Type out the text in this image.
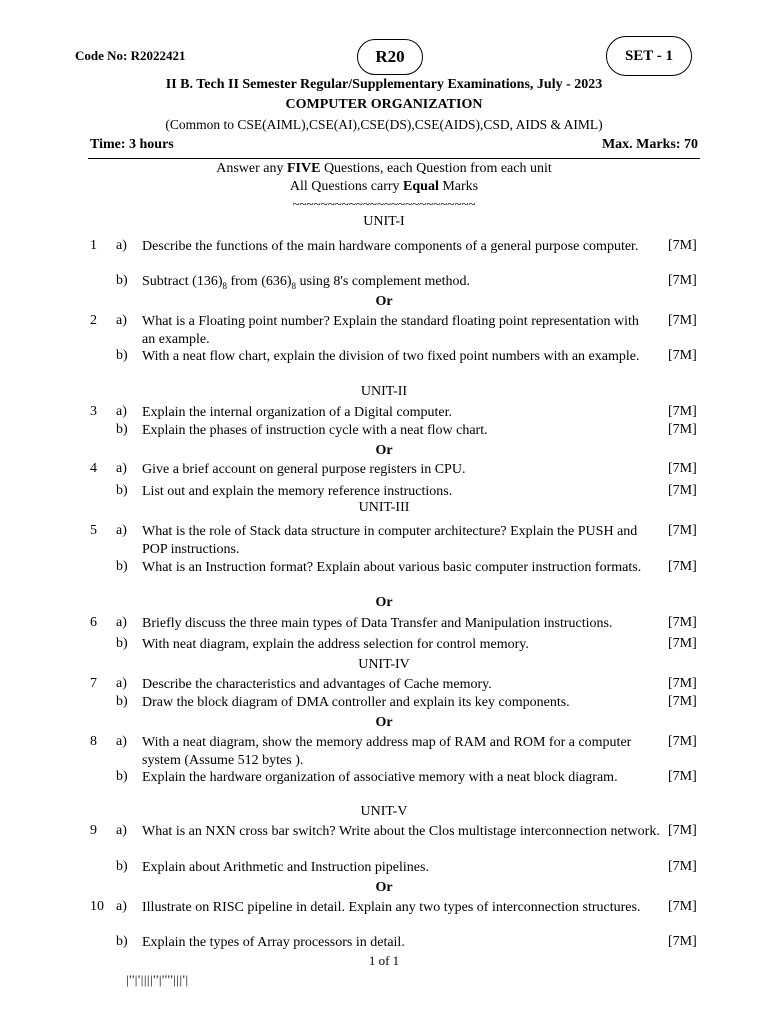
Code No: R2022421	R20	SET - 1
II B. Tech II Semester Regular/Supplementary Examinations, July - 2023
COMPUTER ORGANIZATION
(Common to CSE(AIML),CSE(AI),CSE(DS),CSE(AIDS),CSD, AIDS & AIML)
Time: 3 hours	Max. Marks: 70
Answer any FIVE Questions, each Question from each unit
All Questions carry Equal Marks
~~~~~~~~~~~~~~~~~~~~~~~~~~
UNIT-I
1 a) Describe the functions of the main hardware components of a general purpose computer.	[7M]
b) Subtract $(136)_8$ from $(636)_8$ using 8's complement method.	[7M]
Or
2 a) What is a Floating point number? Explain the standard floating point representation with an example.
[7M]
b) With a neat flow chart, explain the division of two fixed point numbers with an example.	[7M]
UNIT-II
3 a) Explain the internal organization of a Digital computer.	[7M]
b) Explain the phases of instruction cycle with a neat flow chart.	[7M]
Or
4 a) Give a brief account on general purpose registers in CPU.	[7M]
b) List out and explain the memory reference instructions.	[7M]
UNIT-III
5 a) What is the role of Stack data structure in computer architecture? Explain the PUSH and POP instructions.
[7M]
b) What is an Instruction format? Explain about various basic computer instruction formats.	[7M]
Or
6 a) Briefly discuss the three main types of Data Transfer and Manipulation instructions.	[7M]
b) With neat diagram, explain the address selection for control memory.	[7M]
UNIT-IV
7 a) Describe the characteristics and advantages of Cache memory.	[7M]
b) Draw the block diagram of DMA controller and explain its key components.	[7M]
Or
8 a) With a neat diagram, show the memory address map of RAM and ROM for a computer system (Assume 512 bytes ).
[7M]
b) Explain the hardware organization of associative memory with a neat block diagram.	[7M]
UNIT-V
9 a) What is an NXN cross bar switch? Write about the Clos multistage interconnection network. [7M]
b) Explain about Arithmetic and Instruction pipelines.	[7M]
Or
10 a) Illustrate on RISC pipeline in detail. Explain any two types of interconnection structures.	[7M]
b) Explain the types of Array processors in detail.	[7M]
1 of 1
|''|'||||''|''''|||'|
